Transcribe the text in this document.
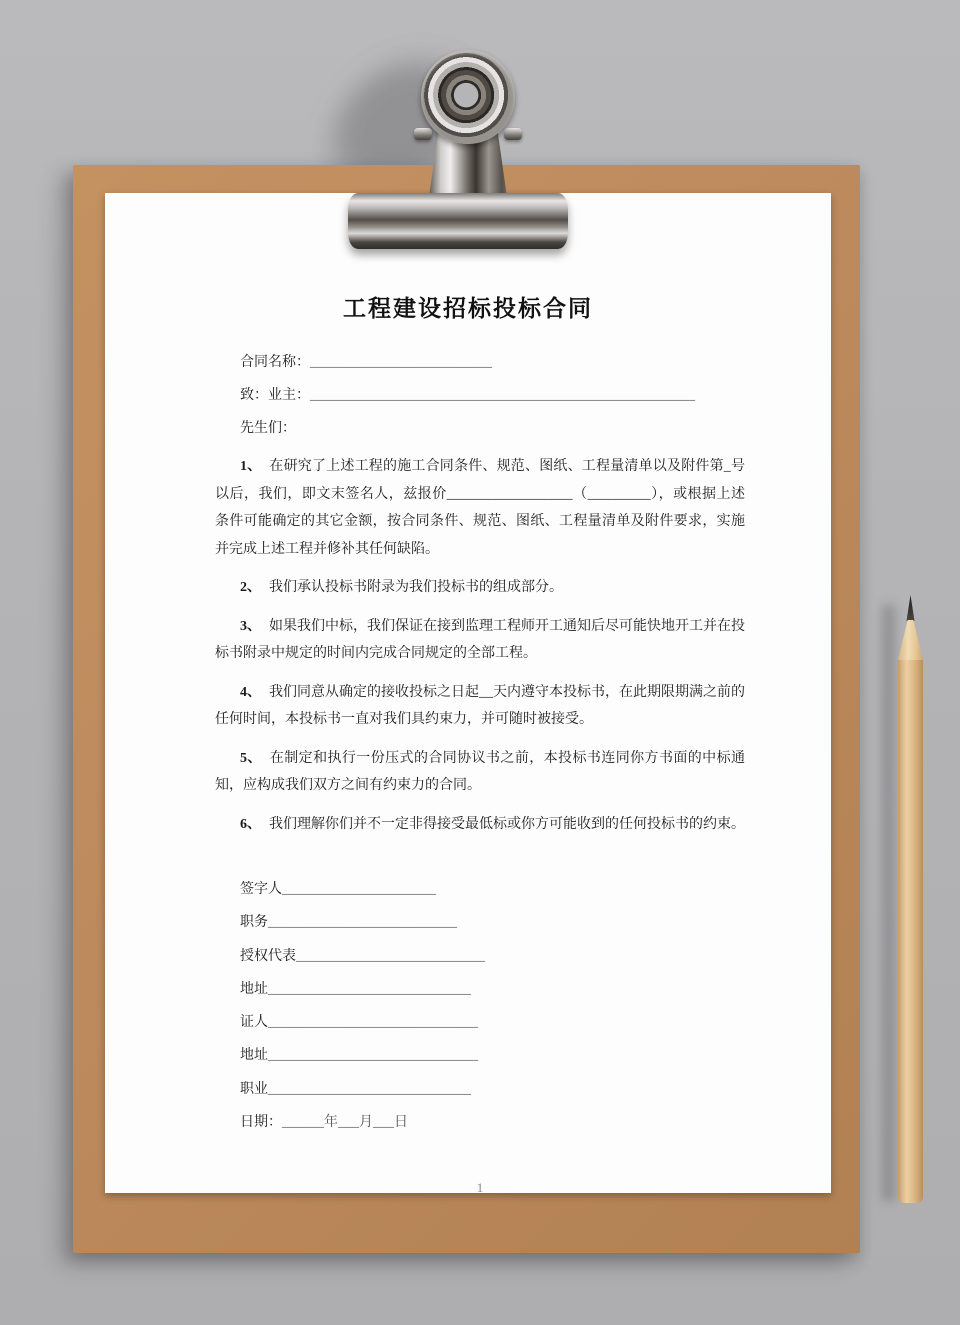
工程建设招标投标合同
合同名称：__________________________
致：业主：_______________________________________________________
先生们：

1、 在研究了上述工程的施工合同条件、规范、图纸、工程量清单以及附件第_号以后，我们，即文末签名人，兹报价__________________（_________），或根据上述条件可能确定的其它金额，按合同条件、规范、图纸、工程量清单及附件要求，实施并完成上述工程并修补其任何缺陷。

2、 我们承认投标书附录为我们投标书的组成部分。

3、 如果我们中标，我们保证在接到监理工程师开工通知后尽可能快地开工并在投标书附录中规定的时间内完成合同规定的全部工程。

4、 我们同意从确定的接收投标之日起__天内遵守本投标书，在此期限期满之前的任何时间，本投标书一直对我们具约束力，并可随时被接受。

5、 在制定和执行一份压式的合同协议书之前，本投标书连同你方书面的中标通知，应构成我们双方之间有约束力的合同。

6、 我们理解你们并不一定非得接受最低标或你方可能收到的任何投标书的约束。

签字人______________________
职务___________________________
授权代表___________________________
地址_____________________________
证人______________________________
地址______________________________
职业_____________________________
日期：______年___月___日
1
